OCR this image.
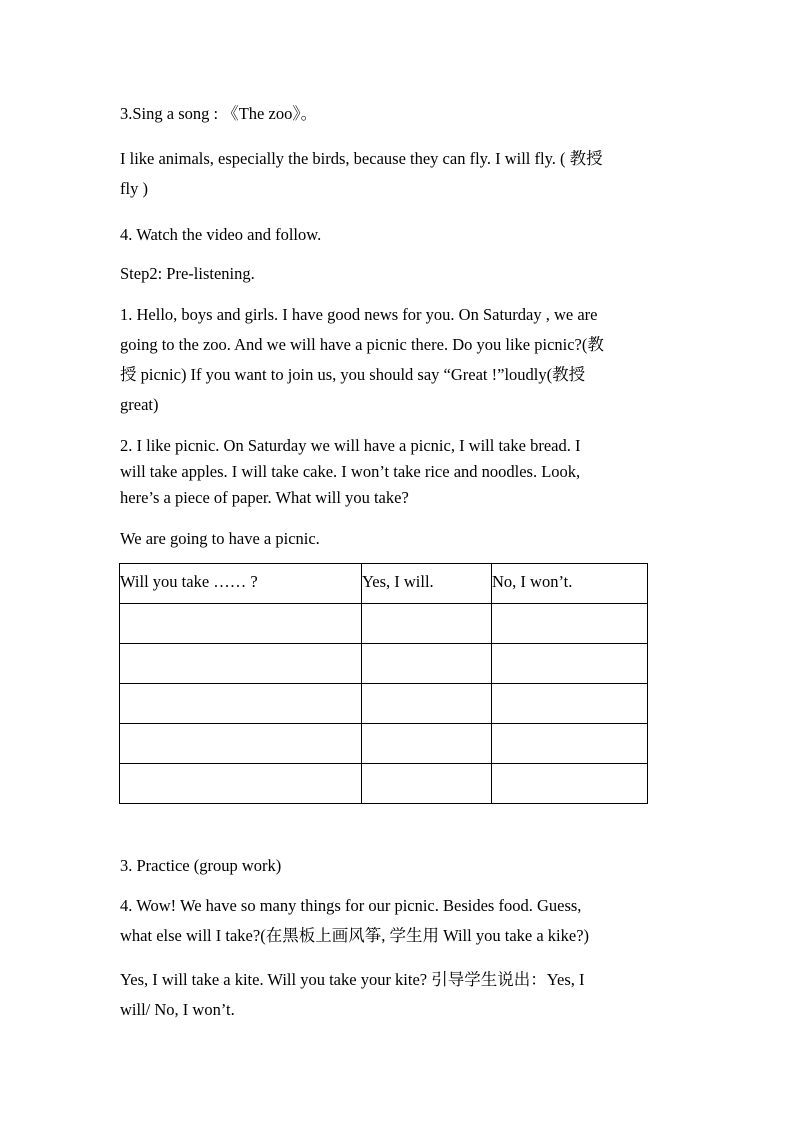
3.Sing a song : 《The zoo》。
I like animals, especially the birds, because they can fly. I will fly. ( 教授
fly )
4. Watch the video and follow.
Step2: Pre-listening.
1. Hello, boys and girls. I have good news for you. On Saturday , we are
going to the zoo. And we will have a picnic there. Do you like picnic?(教
授 picnic) If you want to join us, you should say “Great !”loudly(教授
great)
2. I like picnic. On Saturday we will have a picnic, I will take bread. I
will take apples. I will take cake. I won’t take rice and noodles. Look,
here’s a piece of paper. What will you take?
We are going to have a picnic.
Will you take …… ?	Yes, I will.	No, I won’t.

3. Practice (group work)
4. Wow! We have so many things for our picnic. Besides food. Guess,
what else will I take?(在黑板上画风筝, 学生用 Will you take a kike?)
Yes, I will take a kite. Will you take your kite? 引导学生说出：Yes, I
will/ No, I won’t.
